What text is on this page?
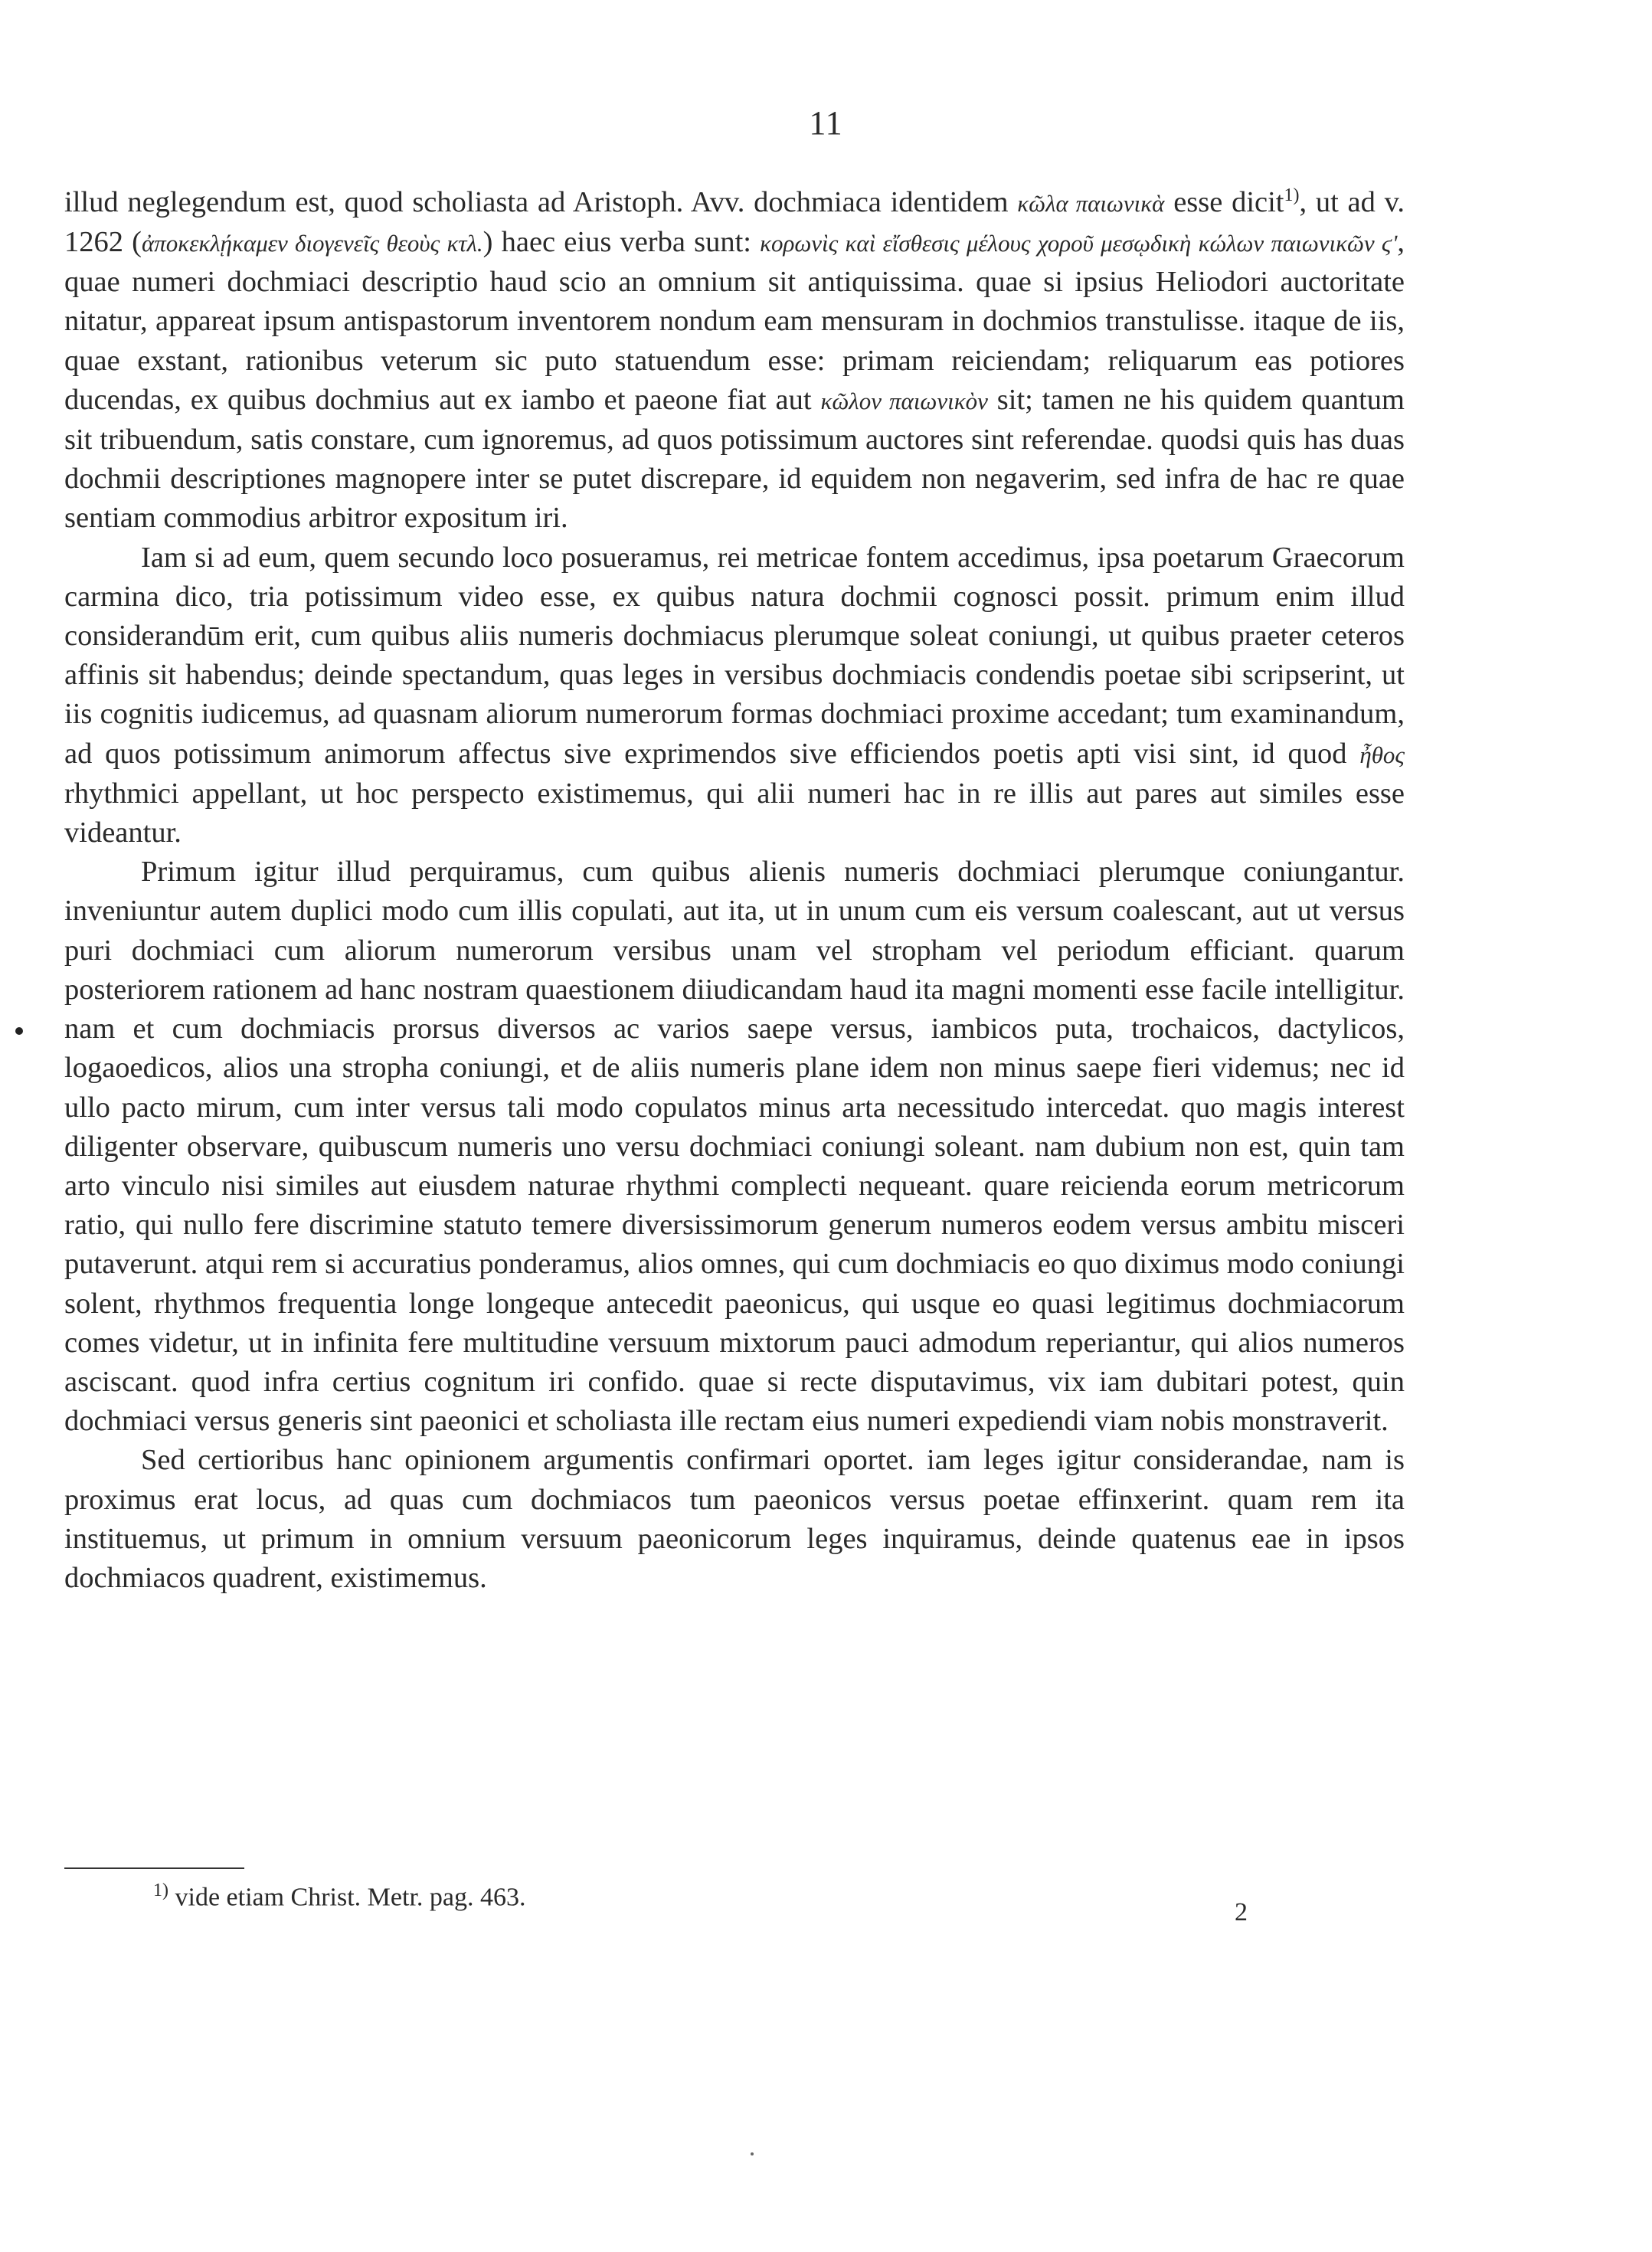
11

illud neglegendum est, quod scholiasta ad Aristoph. Avv. dochmiaca identidem κῶλα παιωνικὰ esse dicit$^{1)}$, ut ad v. 1262 (ἀποκεκλῄκαμεν διογενεῖς θεοὺς κτλ.) haec eius verba sunt: κορωνὶς καὶ εἴσθεσις μέλους χοροῦ μεσῳδικὴ κώλων παιωνικῶν ϛʹ, quae numeri dochmiaci descriptio haud scio an omnium sit antiquissima. quae si ipsius Heliodori auctoritate nitatur, appareat ipsum antispastorum inventorem nondum eam mensuram in dochmios transtulisse. itaque de iis, quae exstant, rationibus veterum sic puto statuendum esse: primam reiciendam; reliquarum eas potiores ducendas, ex quibus dochmius aut ex iambo et paeone fiat aut κῶλον παιωνικὸν sit; tamen ne his quidem quantum sit tribuendum, satis constare, cum ignoremus, ad quos potissimum auctores sint referendae. quodsi quis has duas dochmii descriptiones magnopere inter se putet discrepare, id equidem non negaverim, sed infra de hac re quae sentiam commodius arbitror expositum iri.

Iam si ad eum, quem secundo loco posueramus, rei metricae fontem accedimus, ipsa poetarum Graecorum carmina dico, tria potissimum video esse, ex quibus natura dochmii cognosci possit. primum enim illud considerandūm erit, cum quibus aliis numeris dochmiacus plerumque soleat coniungi, ut quibus praeter ceteros affinis sit habendus; deinde spectandum, quas leges in versibus dochmiacis condendis poetae sibi scripserint, ut iis cognitis iudicemus, ad quasnam aliorum numerorum formas dochmiaci proxime accedant; tum examinandum, ad quos potissimum animorum affectus sive exprimendos sive efficiendos poetis apti visi sint, id quod ἦθος rhythmici appellant, ut hoc perspecto existimemus, qui alii numeri hac in re illis aut pares aut similes esse videantur.

Primum igitur illud perquiramus, cum quibus alienis numeris dochmiaci plerumque coniungantur. inveniuntur autem duplici modo cum illis copulati, aut ita, ut in unum cum eis versum coalescant, aut ut versus puri dochmiaci cum aliorum numerorum versibus unam vel stropham vel periodum efficiant. quarum posteriorem rationem ad hanc nostram quaestionem diiudicandam haud ita magni momenti esse facile intelligitur. nam et cum dochmiacis prorsus diversos ac varios saepe versus, iambicos puta, trochaicos, dactylicos, logaoedicos, alios una stropha coniungi, et de aliis numeris plane idem non minus saepe fieri videmus; nec id ullo pacto mirum, cum inter versus tali modo copulatos minus arta necessitudo intercedat. quo magis interest diligenter observare, quibuscum numeris uno versu dochmiaci coniungi soleant. nam dubium non est, quin tam arto vinculo nisi similes aut eiusdem naturae rhythmi complecti nequeant. quare reicienda eorum metricorum ratio, qui nullo fere discrimine statuto temere diversissimorum generum numeros eodem versus ambitu misceri putaverunt. atqui rem si accuratius ponderamus, alios omnes, qui cum dochmiacis eo quo diximus modo coniungi solent, rhythmos frequentia longe longeque antecedit paeonicus, qui usque eo quasi legitimus dochmiacorum comes videtur, ut in infinita fere multitudine versuum mixtorum pauci admodum reperiantur, qui alios numeros asciscant. quod infra certius cognitum iri confido. quae si recte disputavimus, vix iam dubitari potest, quin dochmiaci versus generis sint paeonici et scholiasta ille rectam eius numeri expediendi viam nobis monstraverit.

Sed certioribus hanc opinionem argumentis confirmari oportet. iam leges igitur considerandae, nam is proximus erat locus, ad quas cum dochmiacos tum paeonicos versus poetae effinxerint. quam rem ita instituemus, ut primum in omnium versuum paeonicorum leges inquiramus, deinde quatenus eae in ipsos dochmiacos quadrent, existimemus.

$^{1)}$ vide etiam Christ. Metr. pag. 463.
2
